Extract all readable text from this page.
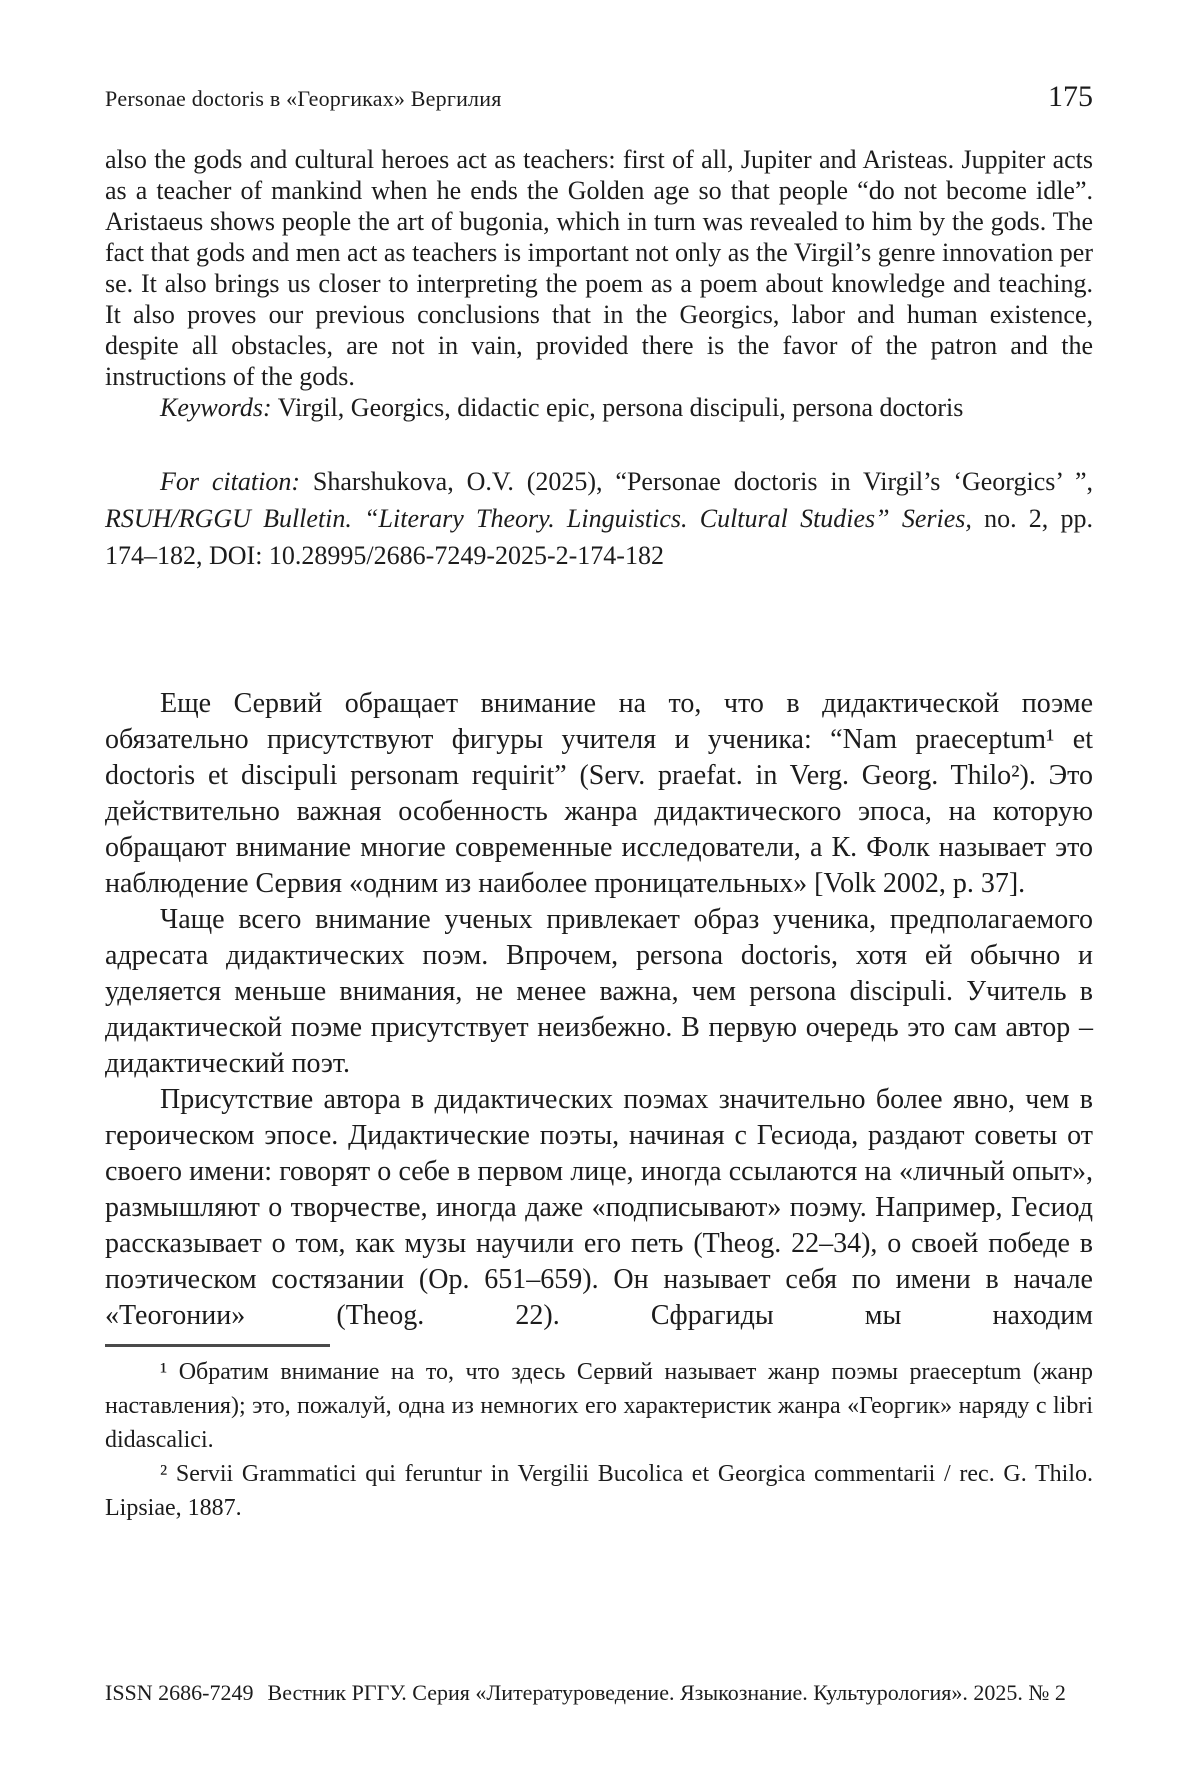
Personae doctoris в «Георгиках» Вергилия	175

also the gods and cultural heroes act as teachers: first of all, Jupiter and Aristeas. Juppiter acts as a teacher of mankind when he ends the Golden age so that people “do not become idle”. Aristaeus shows people the art of bugonia, which in turn was revealed to him by the gods. The fact that gods and men act as teachers is important not only as the Virgil’s genre innovation per se. It also brings us closer to interpreting the poem as a poem about knowledge and teaching. It also proves our previous conclusions that in the Georgics, labor and human existence, despite all obstacles, are not in vain, provided there is the favor of the patron and the instructions of the gods.

Keywords: Virgil, Georgics, didactic epic, persona discipuli, persona doctoris

For citation: Sharshukova, O.V. (2025), “Personae doctoris in Virgil’s ‘Georgics’ ”, RSUH/RGGU Bulletin. “Literary Theory. Linguistics. Cultural Studies” Series, no. 2, pp. 174–182, DOI: 10.28995/2686-7249-2025-2-174-182

Еще Сервий обращает внимание на то, что в дидактической поэме обязательно присутствуют фигуры учителя и ученика: “Nam praeceptum¹ et doctoris et discipuli personam requirit” (Serv. praefat. in Verg. Georg. Thilo²). Это действительно важная особенность жанра дидактического эпоса, на которую обращают внимание многие современные исследователи, а К. Фолк называет это наблюдение Сервия «одним из наиболее проницательных» [Volk 2002, p. 37].

Чаще всего внимание ученых привлекает образ ученика, предполагаемого адресата дидактических поэм. Впрочем, persona doctoris, хотя ей обычно и уделяется меньше внимания, не менее важна, чем persona discipuli. Учитель в дидактической поэме присутствует неизбежно. В первую очередь это сам автор – дидактический поэт.

Присутствие автора в дидактических поэмах значительно более явно, чем в героическом эпосе. Дидактические поэты, начиная с Гесиода, раздают советы от своего имени: говорят о себе в первом лице, иногда ссылаются на «личный опыт», размышляют о творчестве, иногда даже «подписывают» поэму. Например, Гесиод рассказывает о том, как музы научили его петь (Theog. 22–34), о своей победе в поэтическом состязании (Op. 651–659). Он называет себя по имени в начале «Теогонии» (Theog. 22). Сфрагиды мы находим

¹ Обратим внимание на то, что здесь Сервий называет жанр поэмы praeceptum (жанр наставления); это, пожалуй, одна из немногих его характеристик жанра «Георгик» наряду с libri didascalici.

² Servii Grammatici qui feruntur in Vergilii Bucolica et Georgica commentarii / rec. G. Thilo. Lipsiae, 1887.

ISSN 2686-7249 Вестник РГГУ. Серия «Литературоведение. Языкознание. Культурология». 2025. № 2
